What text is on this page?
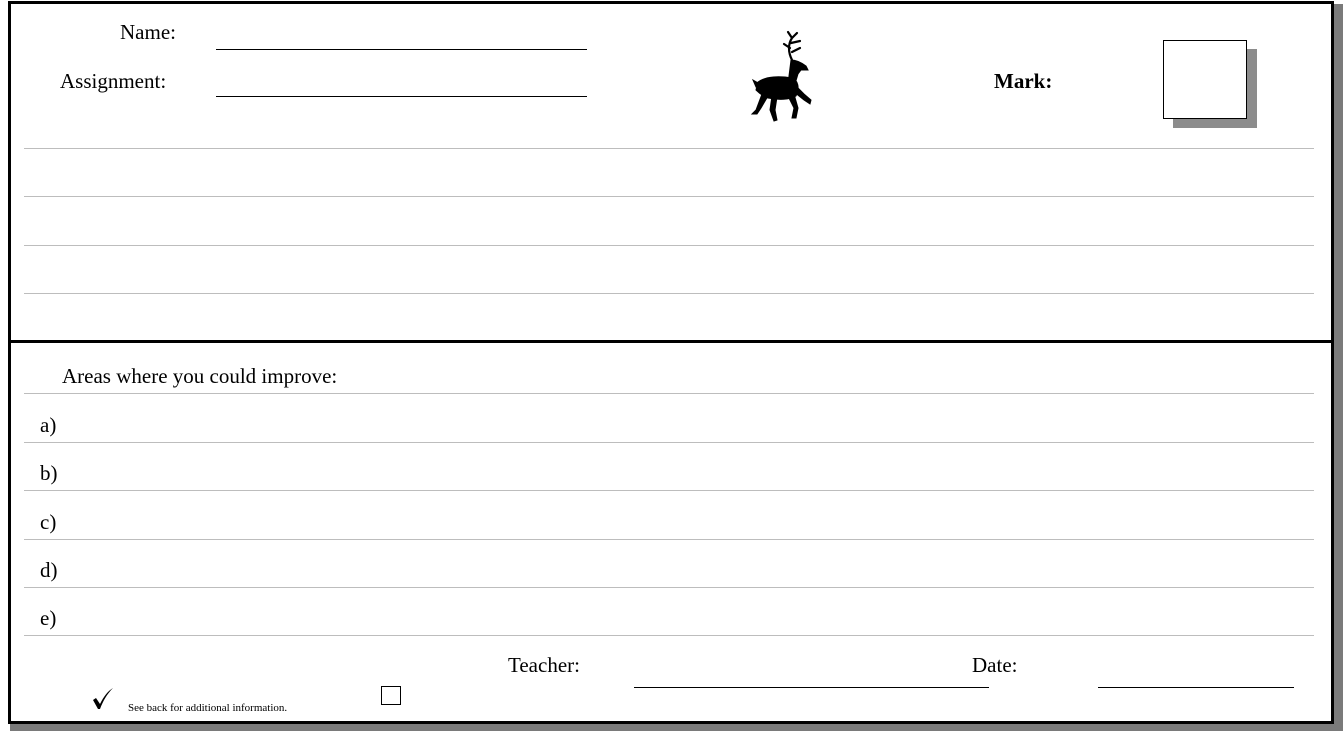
Name:
Assignment:	Mark:
Areas where you could improve:
a)
b)
c)
d)
e)
Teacher:	Date:
See back for additional information.
